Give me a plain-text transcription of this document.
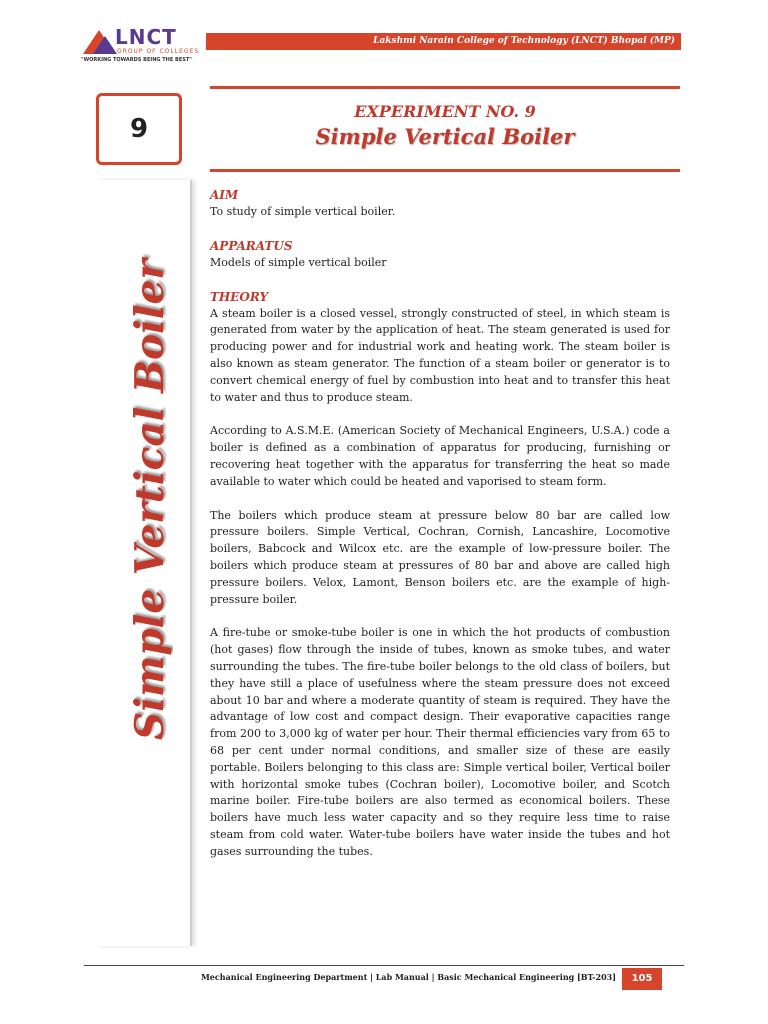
LNCT
GROUP OF COLLEGES
"WORKING TOWARDS BEING THE BEST"
Lakshmi Narain College of Technology (LNCT) Bhopal (MP)
9
Simple Vertical Boiler
EXPERIMENT NO. 9
Simple Vertical Boiler
AIM

To study of simple vertical boiler.

APPARATUS

Models of simple vertical boiler

THEORY

A steam boiler is a closed vessel, strongly constructed of steel, in which steam is generated from water by the application of heat. The steam generated is used for producing power and for industrial work and heating work. The steam boiler is also known as steam generator. The function of a steam boiler or generator is to convert chemical energy of fuel by combustion into heat and to transfer this heat to water and thus to produce steam.

According to A.S.M.E. (American Society of Mechanical Engineers, U.S.A.) code a boiler is defined as a combination of apparatus for producing, furnishing or recovering heat together with the apparatus for transferring the heat so made available to water which could be heated and vaporised to steam form.

The boilers which produce steam at pressure below 80 bar are called low pressure boilers. Simple Vertical, Cochran, Cornish, Lancashire, Locomotive boilers, Babcock and Wilcox etc. are the example of low-pressure boiler. The boilers which produce steam at pressures of 80 bar and above are called high pressure boilers. Velox, Lamont, Benson boilers etc. are the example of high-pressure boiler.

A fire-tube or smoke-tube boiler is one in which the hot products of combustion (hot gases) flow through the inside of tubes, known as smoke tubes, and water surrounding the tubes. The fire-tube boiler belongs to the old class of boilers, but they have still a place of usefulness where the steam pressure does not exceed about 10 bar and where a moderate quantity of steam is required. They have the advantage of low cost and compact design. Their evaporative capacities range from 200 to 3,000 kg of water per hour. Their thermal efficiencies vary from 65 to 68 per cent under normal conditions, and smaller size of these are easily portable. Boilers belonging to this class are: Simple vertical boiler, Vertical boiler with horizontal smoke tubes (Cochran boiler), Locomotive boiler, and Scotch marine boiler. Fire-tube boilers are also termed as economical boilers. These boilers have much less water capacity and so they require less time to raise steam from cold water. Water-tube boilers have water inside the tubes and hot gases surrounding the tubes.

Mechanical Engineering Department | Lab Manual | Basic Mechanical Engineering [BT-203]	105
